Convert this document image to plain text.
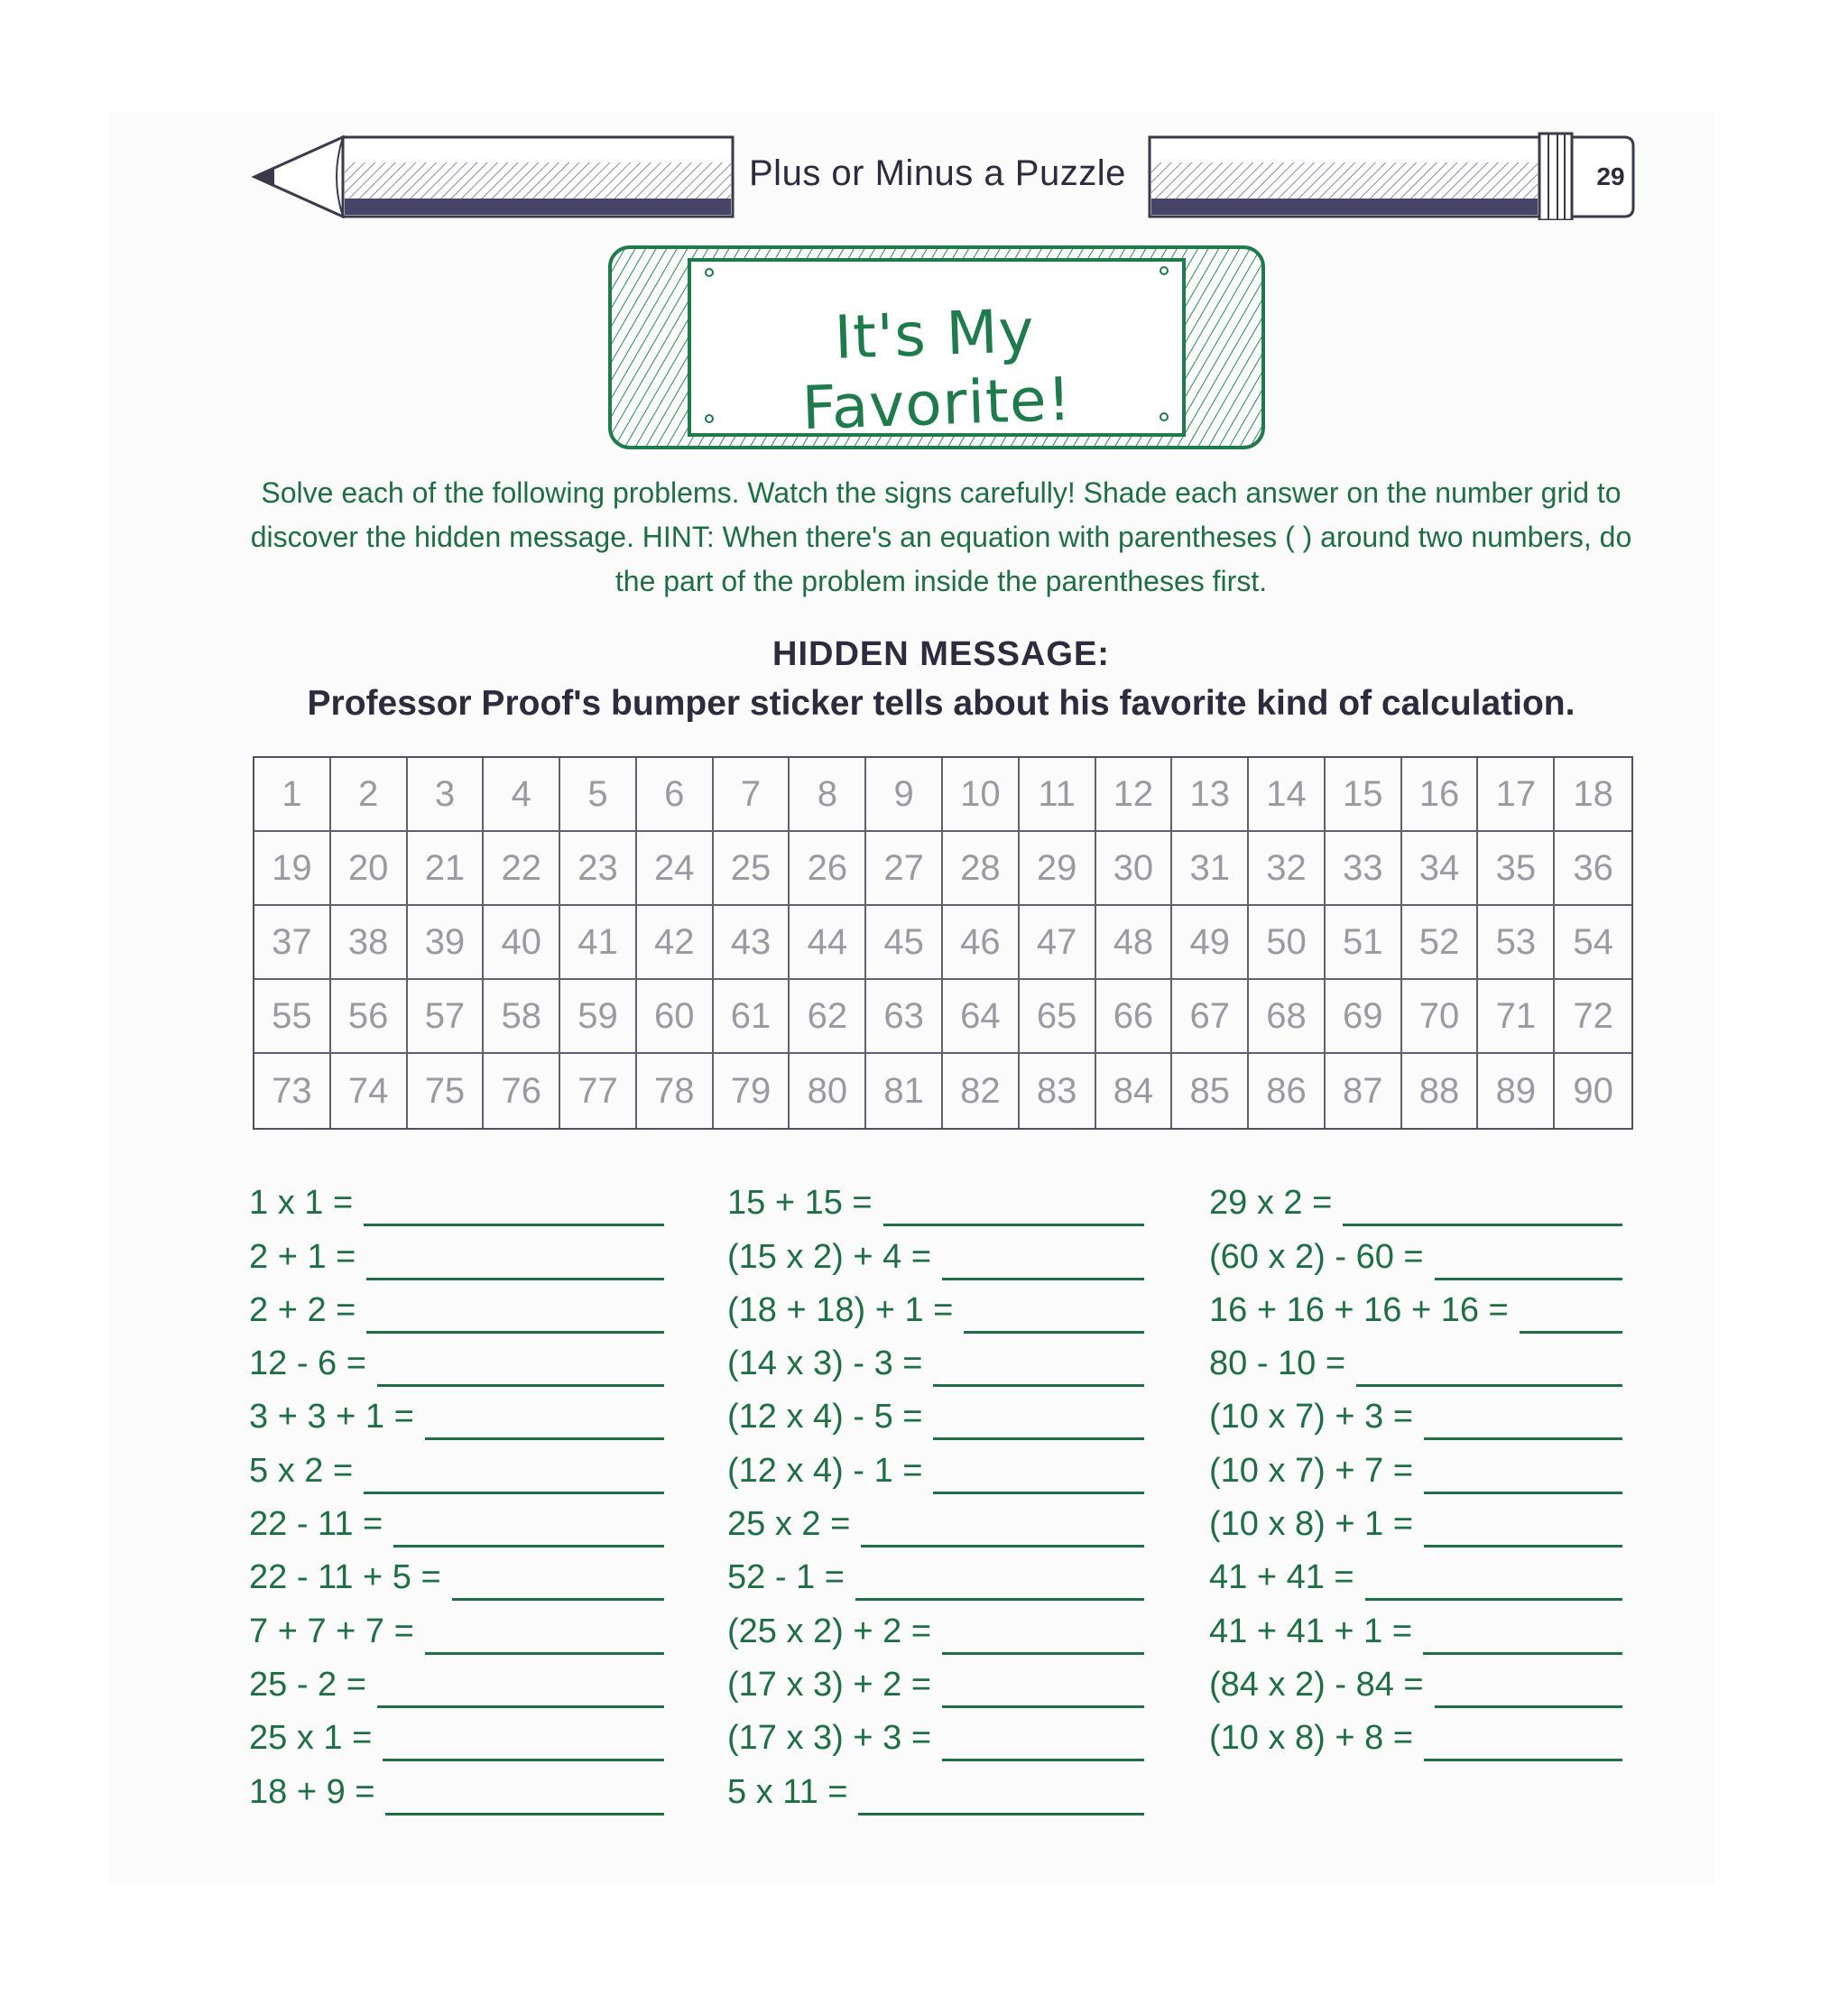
Plus or Minus a Puzzle	29
It's My Favorite!

Solve each of the following problems. Watch the signs carefully! Shade each answer on the number grid to discover the hidden message. HINT: When there's an equation with parentheses ( ) around two numbers, do the part of the problem inside the parentheses first.

HIDDEN MESSAGE:

Professor Proof's bumper sticker tells about his favorite kind of calculation.

1	2	3	4	5	6	7	8	9	10	11	12	13	14	15	16	17	18
19	20	21	22	23	24	25	26	27	28	29	30	31	32	33	34	35	36
37	38	39	40	41	42	43	44	45	46	47	48	49	50	51	52	53	54
55	56	57	58	59	60	61	62	63	64	65	66	67	68	69	70	71	72
73	74	75	76	77	78	79	80	81	82	83	84	85	86	87	88	89	90
1 x 1 =
2 + 1 =
2 + 2 =
12 - 6 =
3 + 3 + 1 =
5 x 2 =
22 - 11 =
22 - 11 + 5 =
7 + 7 + 7 =
25 - 2 =
25 x 1 =
18 + 9 =
15 + 15 =
(15 x 2) + 4 =
(18 + 18) + 1 =
(14 x 3) - 3 =
(12 x 4) - 5 =
(12 x 4) - 1 =
25 x 2 =
52 - 1 =
(25 x 2) + 2 =
(17 x 3) + 2 =
(17 x 3) + 3 =
5 x 11 =
29 x 2 =
(60 x 2) - 60 =
16 + 16 + 16 + 16 =
80 - 10 =
(10 x 7) + 3 =
(10 x 7) + 7 =
(10 x 8) + 1 =
41 + 41 =
41 + 41 + 1 =
(84 x 2) - 84 =
(10 x 8) + 8 =
